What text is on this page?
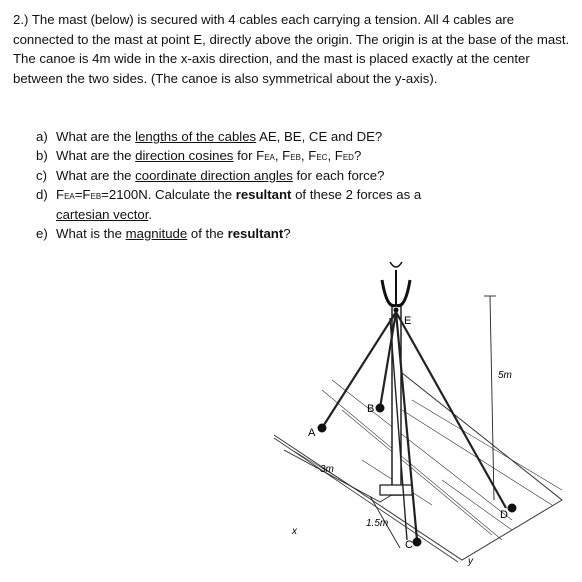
2.) The mast (below) is secured with 4 cables each carrying a tension. All 4 cables are connected to the mast at point E, directly above the origin. The origin is at the base of the mast. The canoe is 4m wide in the x-axis direction, and the mast is placed exactly at the center between the two sides. (The canoe is also symmetrical about the y-axis).

a) What are the lengths of the cables AE, BE, CE and DE?
b) What are the direction cosines for FEA, FEB, FEC, FED?
c) What are the coordinate direction angles for each force?
d) FEA=FEB=2100N. Calculate the resultant of these 2 forces as a cartesian vector.
e) What is the magnitude of the resultant?
A
B
C
D
E
5m
3m
1.5m
x
y
